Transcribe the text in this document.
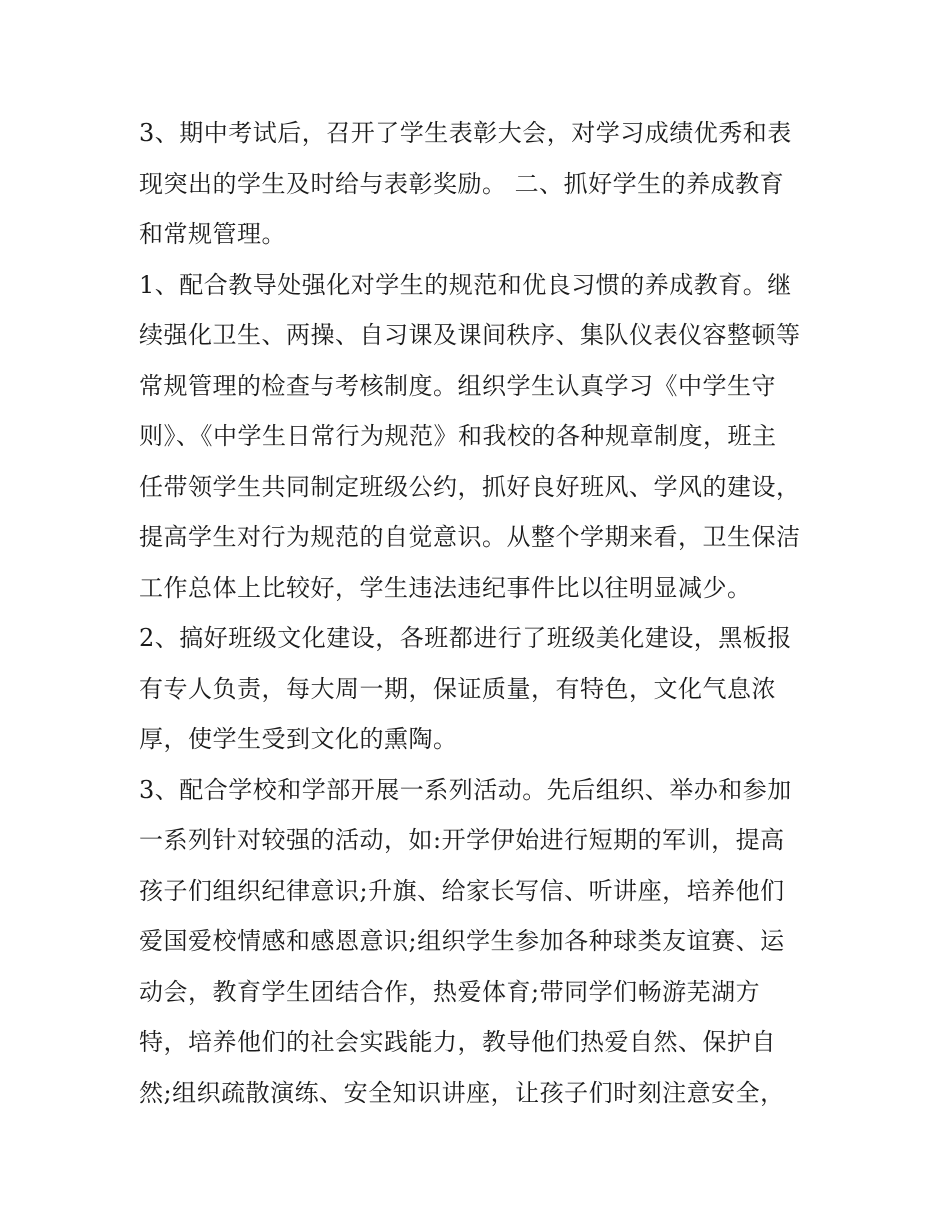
3、期中考试后，召开了学生表彰大会，对学习成绩优秀和表
现突出的学生及时给与表彰奖励。 二、抓好学生的养成教育
和常规管理。
1、配合教导处强化对学生的规范和优良习惯的养成教育。继
续强化卫生、两操、自习课及课间秩序、集队仪表仪容整顿等
常规管理的检查与考核制度。组织学生认真学习《中学生守
则》、《中学生日常行为规范》和我校的各种规章制度，班主
任带领学生共同制定班级公约，抓好良好班风、学风的建设，
提高学生对行为规范的自觉意识。从整个学期来看，卫生保洁
工作总体上比较好，学生违法违纪事件比以往明显减少。
2、搞好班级文化建设，各班都进行了班级美化建设，黑板报
有专人负责，每大周一期，保证质量，有特色，文化气息浓
厚，使学生受到文化的熏陶。
3、配合学校和学部开展一系列活动。先后组织、举办和参加
一系列针对较强的活动，如:开学伊始进行短期的军训，提高
孩子们组织纪律意识;升旗、给家长写信、听讲座，培养他们
爱国爱校情感和感恩意识;组织学生参加各种球类友谊赛、运
动会，教育学生团结合作，热爱体育;带同学们畅游芜湖方
特，培养他们的社会实践能力，教导他们热爱自然、保护自
然;组织疏散演练、安全知识讲座，让孩子们时刻注意安全，
